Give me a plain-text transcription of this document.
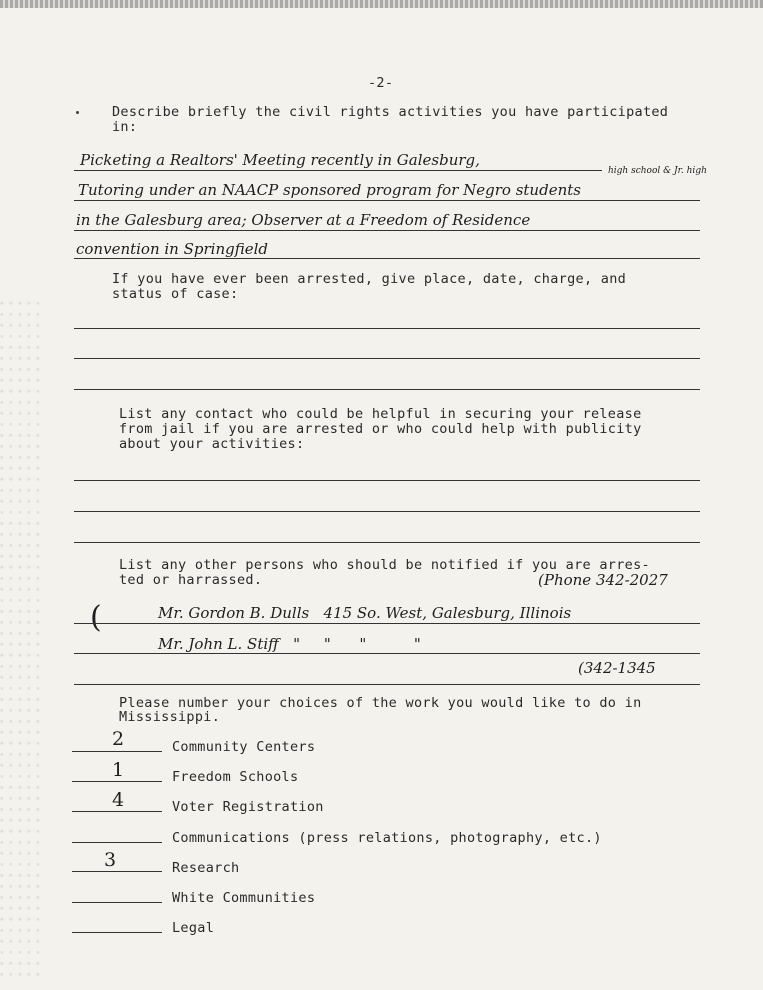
-2-
Describe briefly the civil rights activities you have participated
in:
Picketing a Realtors' Meeting recently in Galesburg,
high school & Jr. high
Tutoring under an NAACP sponsored program for Negro students
in the Galesburg area; Observer at a Freedom of Residence
convention in Springfield
If you have ever been arrested, give place, date, charge, and
status of case:
List any contact who could be helpful in securing your release
from jail if you are arrested or who could help with publicity
about your activities:
List any other persons who should be notified if you are arres-
ted or harrassed.	(Phone 342-2027
(	Mr. Gordon B. Dulls   415 So. West, Galesburg, Illinois
Mr. John L. Stiff   "     "      "          "
(342-1345
Please number your choices of the work you would like to do in
Mississippi.
2	Community Centers
1	Freedom Schools
4	Voter Registration
Communications (press relations, photography, etc.)
3	Research
White Communities
Legal
